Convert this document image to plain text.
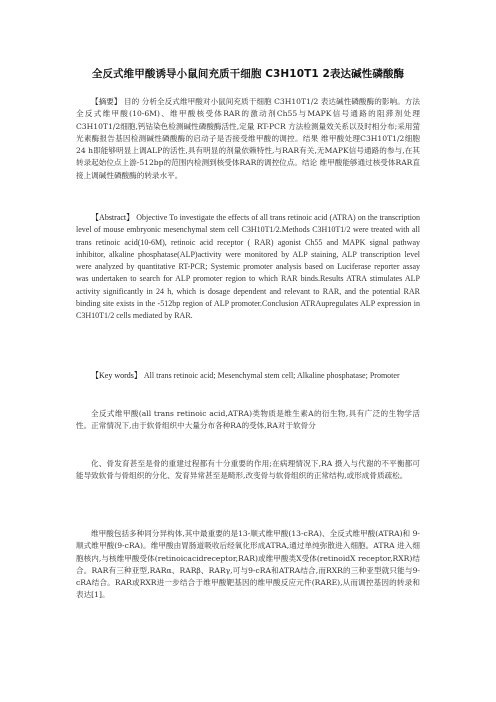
全反式维甲酸诱导小鼠间充质干细胞 C3H10T1 2表达碱性磷酸酶

【摘要】 目的 分析全反式维甲酸对小鼠间充质干细胞 C3H10T1/2 表达碱性磷酸酶的影响。方法 全反式维甲酸(10-6M)、维甲酸核受体RAR的激动剂Ch55与MAPK信号通路的阻滞剂处理C3H10T1/2细胞,钙钴染色检测碱性磷酸酶活性,定量 RT-PCR 方法检测量效关系以及时相分布;采用萤光素酶报告基因检测碱性磷酸酶的启动子是否接受维甲酸的调控。结果 维甲酸处理C3H10T1/2细胞24 h即能够明显上调ALP的活性,具有明显的剂量依赖特性,与RAR有关,无MAPK信号通路的参与,在其转录起始位点上游-512bp的范围内检测到核受体RAR的调控位点。结论 维甲酸能够通过核受体RAR直接上调碱性磷酸酶的转录水平。

【Abstract】 Objective To investigate the effects of all trans retinoic acid (ATRA) on the transcription level of mouse embryonic mesenchymal stem cell C3H10T1/2.Methods C3H10T1/2 were treated with all trans retinoic acid(10-6M), retinoic acid receptor ( RAR) agonist Ch55 and MAPK signal pathway inhibitor, alkaline phosphatase(ALP)activity were monitored by ALP staining, ALP transcription level were analyzed by quantitative RT-PCR; Systemic promoter analysis based on Luciferase reporter assay was undertaken to search for ALP promoter region to which RAR binds.Results ATRA stimulates ALP activity significantly in 24 h, which is dosage dependent and relevant to RAR, and the potential RAR binding site exists in the -512bp region of ALP promoter.Conclusion ATRAupregulates ALP expression in C3H10T1/2 cells mediated by RAR.

【Key words】 All trans retinoic acid; Mesenchymal stem cell; Alkaline phosphatase; Promoter

全反式维甲酸(all trans retinoic acid,ATRA)类物质是维生素A的衍生物,具有广泛的生物学活性。正常情况下,由于软骨组织中大量分布各种RA的受体,RA对于软骨分

化、骨发育甚至是骨的重建过程都有十分重要的作用;在病理情况下,RA 摄入与代谢的不平衡都可能导致软骨与骨组织的分化、发育异常甚至是畸形,改变骨与软骨组织的正常结构,或形成骨质疏松。

维甲酸包括多种同分异构体,其中最重要的是13-顺式维甲酸(13-cRA)、全反式维甲酸(ATRA)和 9-顺式维甲酸(9-cRA)。维甲酸由胃肠道吸收后经氧化形成ATRA,通过单纯弥散进入细胞。ATRA 进入细胞核内,与核维甲酸受体(retinoicacidreceptor,RAR)或维甲酸类X受体(retinoidX receptor,RXR)结合。RAR有三种亚型,RARα、RARβ、RARγ,可与9-cRA和ATRA结合,而RXR的三种亚型就只能与9-cRA结合。RAR或RXR进一步结合于维甲酸靶基因的维甲酸反应元件(RARE),从而调控基因的转录和表达[1]。
